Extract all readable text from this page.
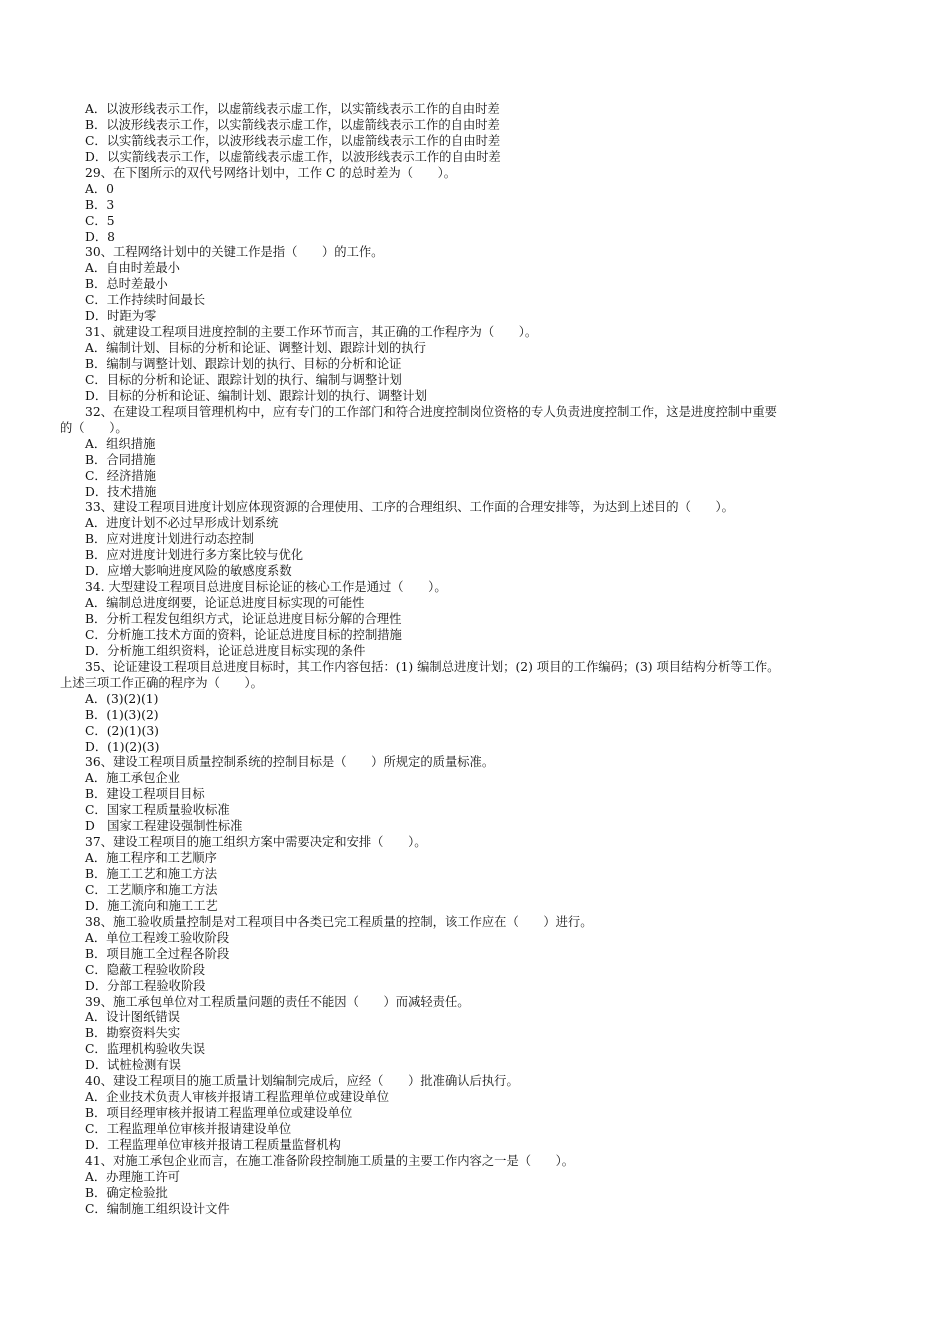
A．以波形线表示工作，以虚箭线表示虚工作，以实箭线表示工作的自由时差
B．以波形线表示工作，以实箭线表示虚工作，以虚箭线表示工作的自由时差
C．以实箭线表示工作，以波形线表示虚工作，以虚箭线表示工作的自由时差
D．以实箭线表示工作，以虚箭线表示虚工作，以波形线表示工作的自由时差
29、在下图所示的双代号网络计划中，工作 C 的总时差为（　　）。
A．0
B．3
C．5
D．8
30、工程网络计划中的关键工作是指（　　）的工作。
A．自由时差最小
B．总时差最小
C．工作持续时间最长
D．时距为零
31、就建设工程项目进度控制的主要工作环节而言，其正确的工作程序为（　　）。
A．编制计划、目标的分析和论证、调整计划、跟踪计划的执行
B．编制与调整计划、跟踪计划的执行、目标的分析和论证
C．目标的分析和论证、跟踪计划的执行、编制与调整计划
D．目标的分析和论证、编制计划、跟踪计划的执行、调整计划
32、在建设工程项目管理机构中，应有专门的工作部门和符合进度控制岗位资格的专人负责进度控制工作，这是进度控制中重要
的（　　）。
A．组织措施
B．合同措施
C．经济措施
D．技术措施
33、建设工程项目进度计划应体现资源的合理使用、工序的合理组织、工作面的合理安排等，为达到上述目的（　　）。
A．进度计划不必过早形成计划系统
B．应对进度计划进行动态控制
B．应对进度计划进行多方案比较与优化
D．应增大影响进度风险的敏感度系数
34. 大型建设工程项目总进度目标论证的核心工作是通过（　　）。
A．编制总进度纲要，论证总进度目标实现的可能性
B．分析工程发包组织方式，论证总进度目标分解的合理性
C．分析施工技术方面的资料，论证总进度目标的控制措施
D．分析施工组织资料，论证总进度目标实现的条件
35、论证建设工程项目总进度目标时，其工作内容包括：(1) 编制总进度计划；(2) 项目的工作编码；(3) 项目结构分析等工作。
上述三项工作正确的程序为（　　）。
A．(3)(2)(1)
B．(1)(3)(2)
C．(2)(1)(3)
D．(1)(2)(3)
36、建设工程项目质量控制系统的控制目标是（　　）所规定的质量标准。
A．施工承包企业
B．建设工程项目目标
C．国家工程质量验收标准
D　国家工程建设强制性标准
37、建设工程项目的施工组织方案中需要决定和安排（　　）。
A．施工程序和工艺顺序
B．施工工艺和施工方法
C．工艺顺序和施工方法
D．施工流向和施工工艺
38、施工验收质量控制是对工程项目中各类已完工程质量的控制，该工作应在（　　）进行。
A．单位工程竣工验收阶段
B．项目施工全过程各阶段
C．隐蔽工程验收阶段
D．分部工程验收阶段
39、施工承包单位对工程质量问题的责任不能因（　　）而减轻责任。
A．设计图纸错误
B．勘察资料失实
C．监理机构验收失误
D．试桩检测有误
40、建设工程项目的施工质量计划编制完成后，应经（　　）批准确认后执行。
A．企业技术负责人审核并报请工程监理单位或建设单位
B．项目经理审核并报请工程监理单位或建设单位
C．工程监理单位审核并报请建设单位
D．工程监理单位审核并报请工程质量监督机构
41、对施工承包企业而言，在施工准备阶段控制施工质量的主要工作内容之一是（　　）。
A．办理施工许可
B．确定检验批
C．编制施工组织设计文件
